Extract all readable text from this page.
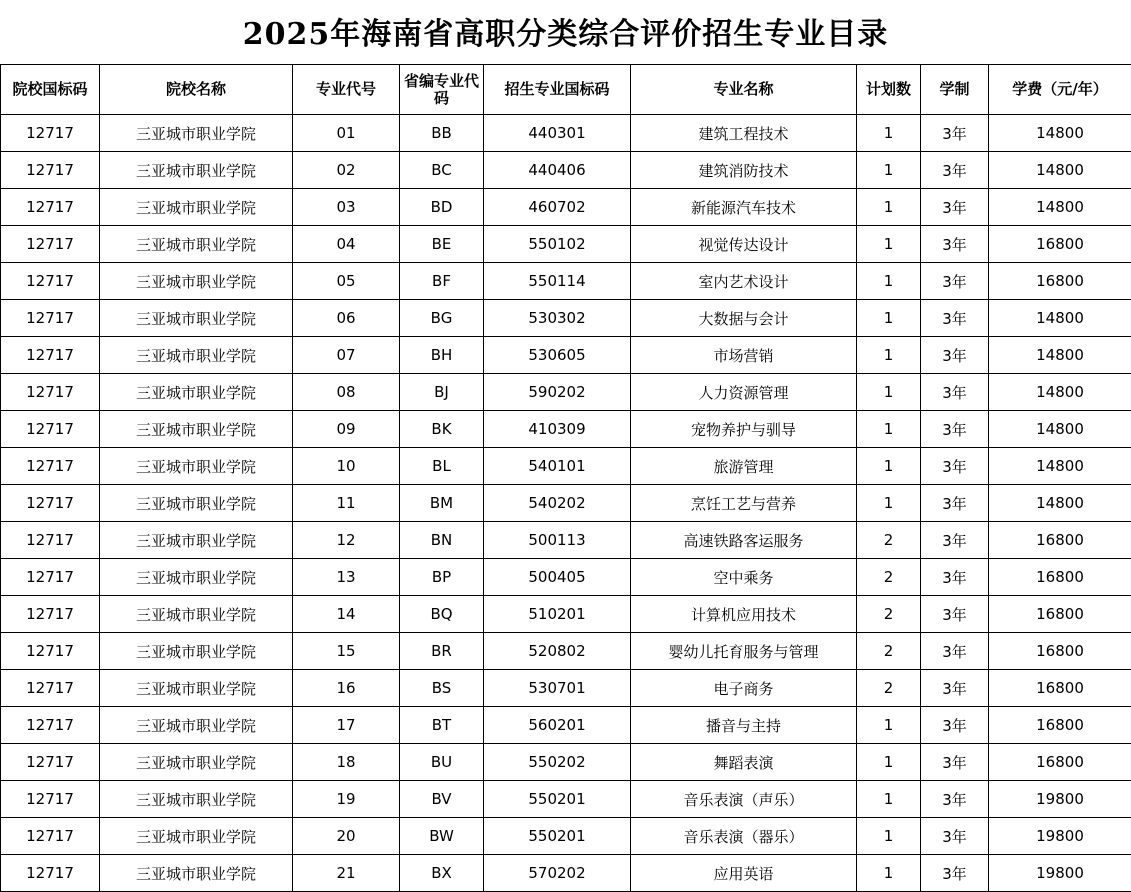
2025年海南省高职分类综合评价招生专业目录
院校国标码	院校名称	专业代号	省编专业代码	招生专业国标码	专业名称	计划数	学制	学费（元/年）
12717	三亚城市职业学院	01	BB	440301	建筑工程技术	1	3年	14800
12717	三亚城市职业学院	02	BC	440406	建筑消防技术	1	3年	14800
12717	三亚城市职业学院	03	BD	460702	新能源汽车技术	1	3年	14800
12717	三亚城市职业学院	04	BE	550102	视觉传达设计	1	3年	16800
12717	三亚城市职业学院	05	BF	550114	室内艺术设计	1	3年	16800
12717	三亚城市职业学院	06	BG	530302	大数据与会计	1	3年	14800
12717	三亚城市职业学院	07	BH	530605	市场营销	1	3年	14800
12717	三亚城市职业学院	08	BJ	590202	人力资源管理	1	3年	14800
12717	三亚城市职业学院	09	BK	410309	宠物养护与驯导	1	3年	14800
12717	三亚城市职业学院	10	BL	540101	旅游管理	1	3年	14800
12717	三亚城市职业学院	11	BM	540202	烹饪工艺与营养	1	3年	14800
12717	三亚城市职业学院	12	BN	500113	高速铁路客运服务	2	3年	16800
12717	三亚城市职业学院	13	BP	500405	空中乘务	2	3年	16800
12717	三亚城市职业学院	14	BQ	510201	计算机应用技术	2	3年	16800
12717	三亚城市职业学院	15	BR	520802	婴幼儿托育服务与管理	2	3年	16800
12717	三亚城市职业学院	16	BS	530701	电子商务	2	3年	16800
12717	三亚城市职业学院	17	BT	560201	播音与主持	1	3年	16800
12717	三亚城市职业学院	18	BU	550202	舞蹈表演	1	3年	16800
12717	三亚城市职业学院	19	BV	550201	音乐表演（声乐）	1	3年	19800
12717	三亚城市职业学院	20	BW	550201	音乐表演（器乐）	1	3年	19800
12717	三亚城市职业学院	21	BX	570202	应用英语	1	3年	19800
